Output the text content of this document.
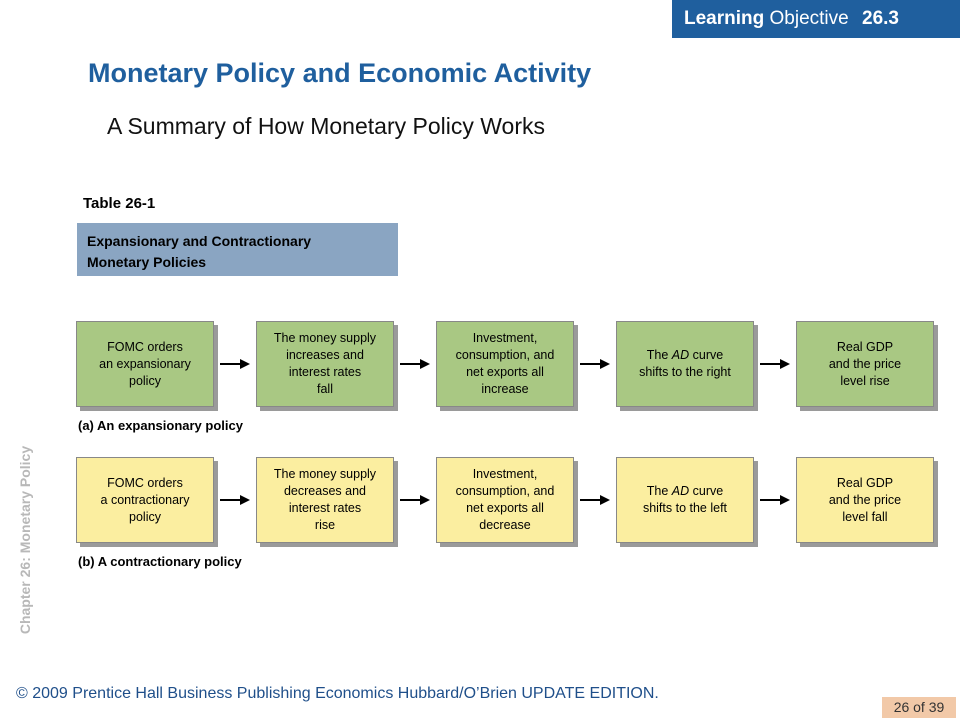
Learning Objective 26.3
Monetary Policy and Economic Activity
A Summary of How Monetary Policy Works
Table 26-1
Expansionary and Contractionary
Monetary Policies
FOMC orders
an expansionary
policy
The money supply
increases and
interest rates
fall
Investment,
consumption, and
net exports all
increase
The AD curve
shifts to the right
Real GDP
and the price
level rise
(a) An expansionary policy
FOMC orders
a contractionary
policy
The money supply
decreases and
interest rates
rise
Investment,
consumption, and
net exports all
decrease
The AD curve
shifts to the left
Real GDP
and the price
level fall
(b) A contractionary policy
Chapter 26: Monetary Policy
© 2009 Prentice Hall Business Publishing Economics Hubbard/O’Brien UPDATE EDITION.
26 of 39
